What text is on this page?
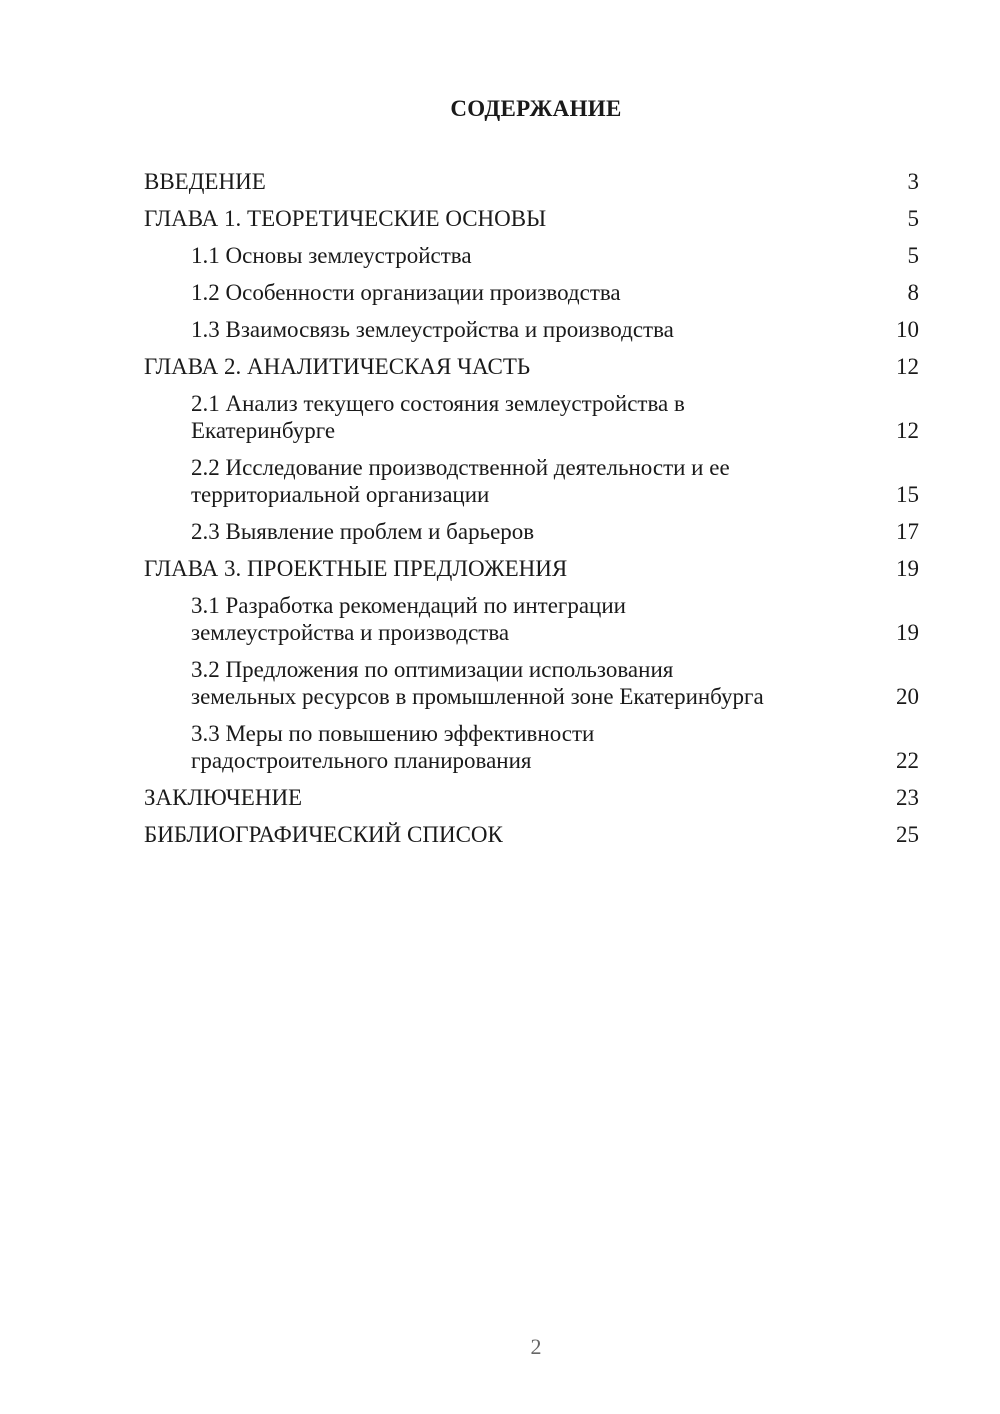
СОДЕРЖАНИЕ
ВВЕДЕНИЕ	3
ГЛАВА 1. ТЕОРЕТИЧЕСКИЕ ОСНОВЫ	5
1.1 Основы землеустройства	5
1.2 Особенности организации производства	8
1.3 Взаимосвязь землеустройства и производства	10
ГЛАВА 2. АНАЛИТИЧЕСКАЯ ЧАСТЬ	12
2.1 Анализ текущего состояния землеустройства в
Екатеринбурге	12
2.2 Исследование производственной деятельности и ее
территориальной организации	15
2.3 Выявление проблем и барьеров	17
ГЛАВА 3. ПРОЕКТНЫЕ ПРЕДЛОЖЕНИЯ	19
3.1 Разработка рекомендаций по интеграции
землеустройства и производства	19
3.2 Предложения по оптимизации использования
земельных ресурсов в промышленной зоне Екатеринбурга	20
3.3 Меры по повышению эффективности
градостроительного планирования	22
ЗАКЛЮЧЕНИЕ	23
БИБЛИОГРАФИЧЕСКИЙ СПИСОК	25
2
